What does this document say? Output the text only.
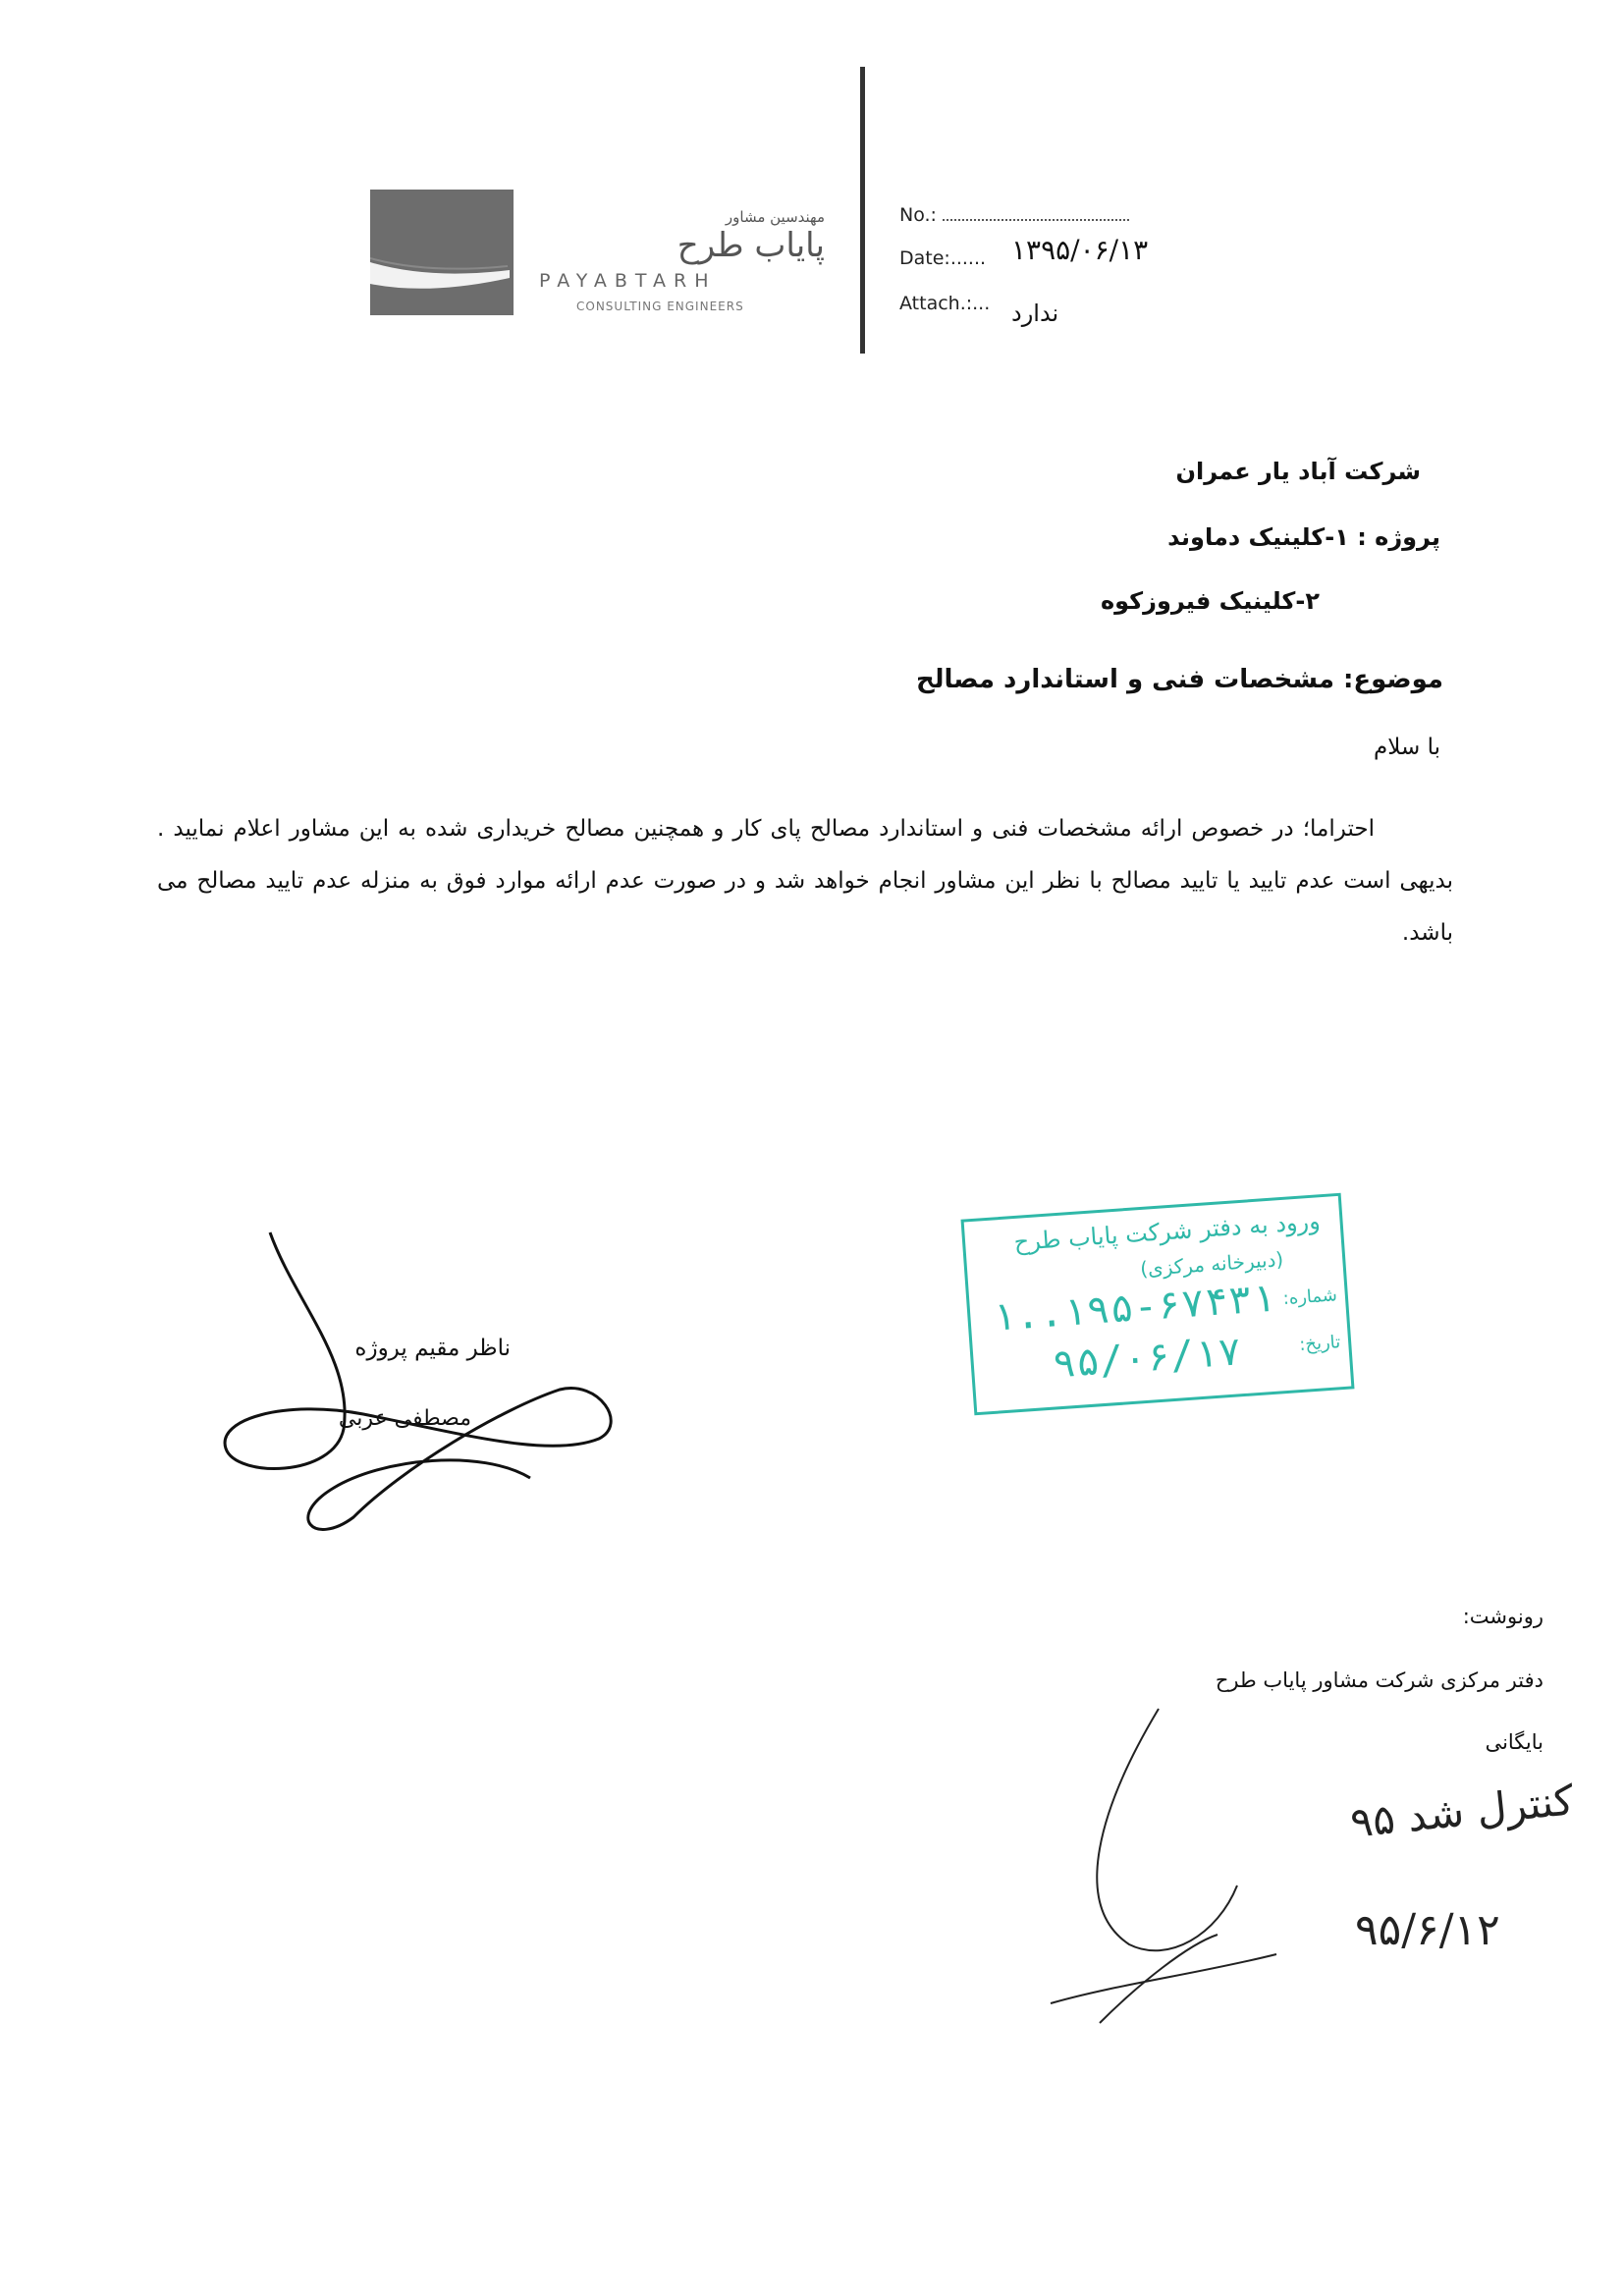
مهندسین مشاور
پایاب طرح
PAYABTARH
CONSULTING ENGINEERS
No.:
Date:...... ۱۳۹۵/۰۶/۱۳
Attach.:... ندارد
شرکت آباد یار عمران
پروژه : ۱-کلینیک دماوند
۲-کلینیک فیروزکوه
موضوع: مشخصات فنی و استاندارد مصالح
با سلام
احتراما؛ در خصوص ارائه مشخصات فنی و استاندارد مصالح پای کار و همچنین مصالح خریداری شده به این مشاور اعلام نمایید . بدیهی است عدم تایید یا تایید مصالح با نظر این مشاور انجام خواهد شد و در صورت عدم ارائه موارد فوق به منزله عدم تایید مصالح می باشد.
ناظر مقیم پروژه
مصطفی عربی
ورود به دفتر شرکت پایاب طرح
(دبیرخانه مرکزی)
شماره:
۱..۱۹۵-۶۷۴۳۱
تاریخ:
۹۵/۰۶/۱۷
رونوشت:
دفتر مرکزی شرکت مشاور پایاب طرح
بایگانی
۹۵ کنترل شد
۹۵/۶/۱۲
